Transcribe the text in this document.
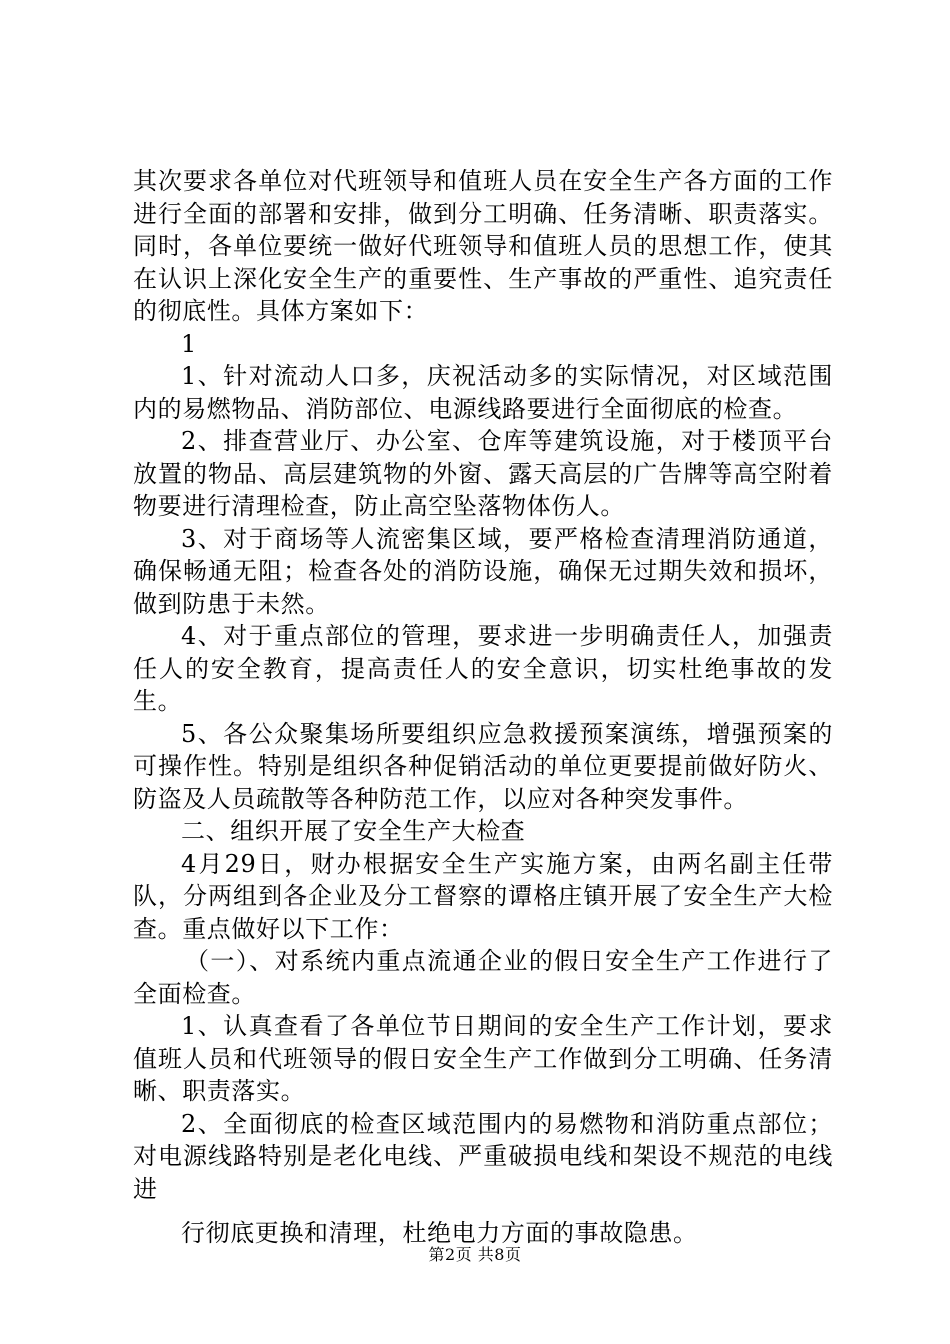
其次要求各单位对代班领导和值班人员在安全生产各方面的工作进行全面的部署和安排，做到分工明确、任务清晰、职责落实。同时，各单位要统一做好代班领导和值班人员的思想工作，使其在认识上深化安全生产的重要性、生产事故的严重性、追究责任的彻底性。具体方案如下：

1

1、针对流动人口多，庆祝活动多的实际情况，对区域范围内的易燃物品、消防部位、电源线路要进行全面彻底的检查。

2、排查营业厅、办公室、仓库等建筑设施，对于楼顶平台放置的物品、高层建筑物的外窗、露天高层的广告牌等高空附着物要进行清理检查，防止高空坠落物体伤人。

3、对于商场等人流密集区域，要严格检查清理消防通道，确保畅通无阻；检查各处的消防设施，确保无过期失效和损坏，做到防患于未然。

4、对于重点部位的管理，要求进一步明确责任人，加强责任人的安全教育，提高责任人的安全意识，切实杜绝事故的发生。

5、各公众聚集场所要组织应急救援预案演练，增强预案的可操作性。特别是组织各种促销活动的单位更要提前做好防火、防盗及人员疏散等各种防范工作，以应对各种突发事件。

二、组织开展了安全生产大检查

4月29日，财办根据安全生产实施方案，由两名副主任带队，分两组到各企业及分工督察的谭格庄镇开展了安全生产大检查。重点做好以下工作：

（一）、对系统内重点流通企业的假日安全生产工作进行了全面检查。

1、认真查看了各单位节日期间的安全生产工作计划，要求值班人员和代班领导的假日安全生产工作做到分工明确、任务清晰、职责落实。

2、全面彻底的检查区域范围内的易燃物和消防重点部位；对电源线路特别是老化电线、严重破损电线和架设不规范的电线进

行彻底更换和清理，杜绝电力方面的事故隐患。

第2页 共8页
